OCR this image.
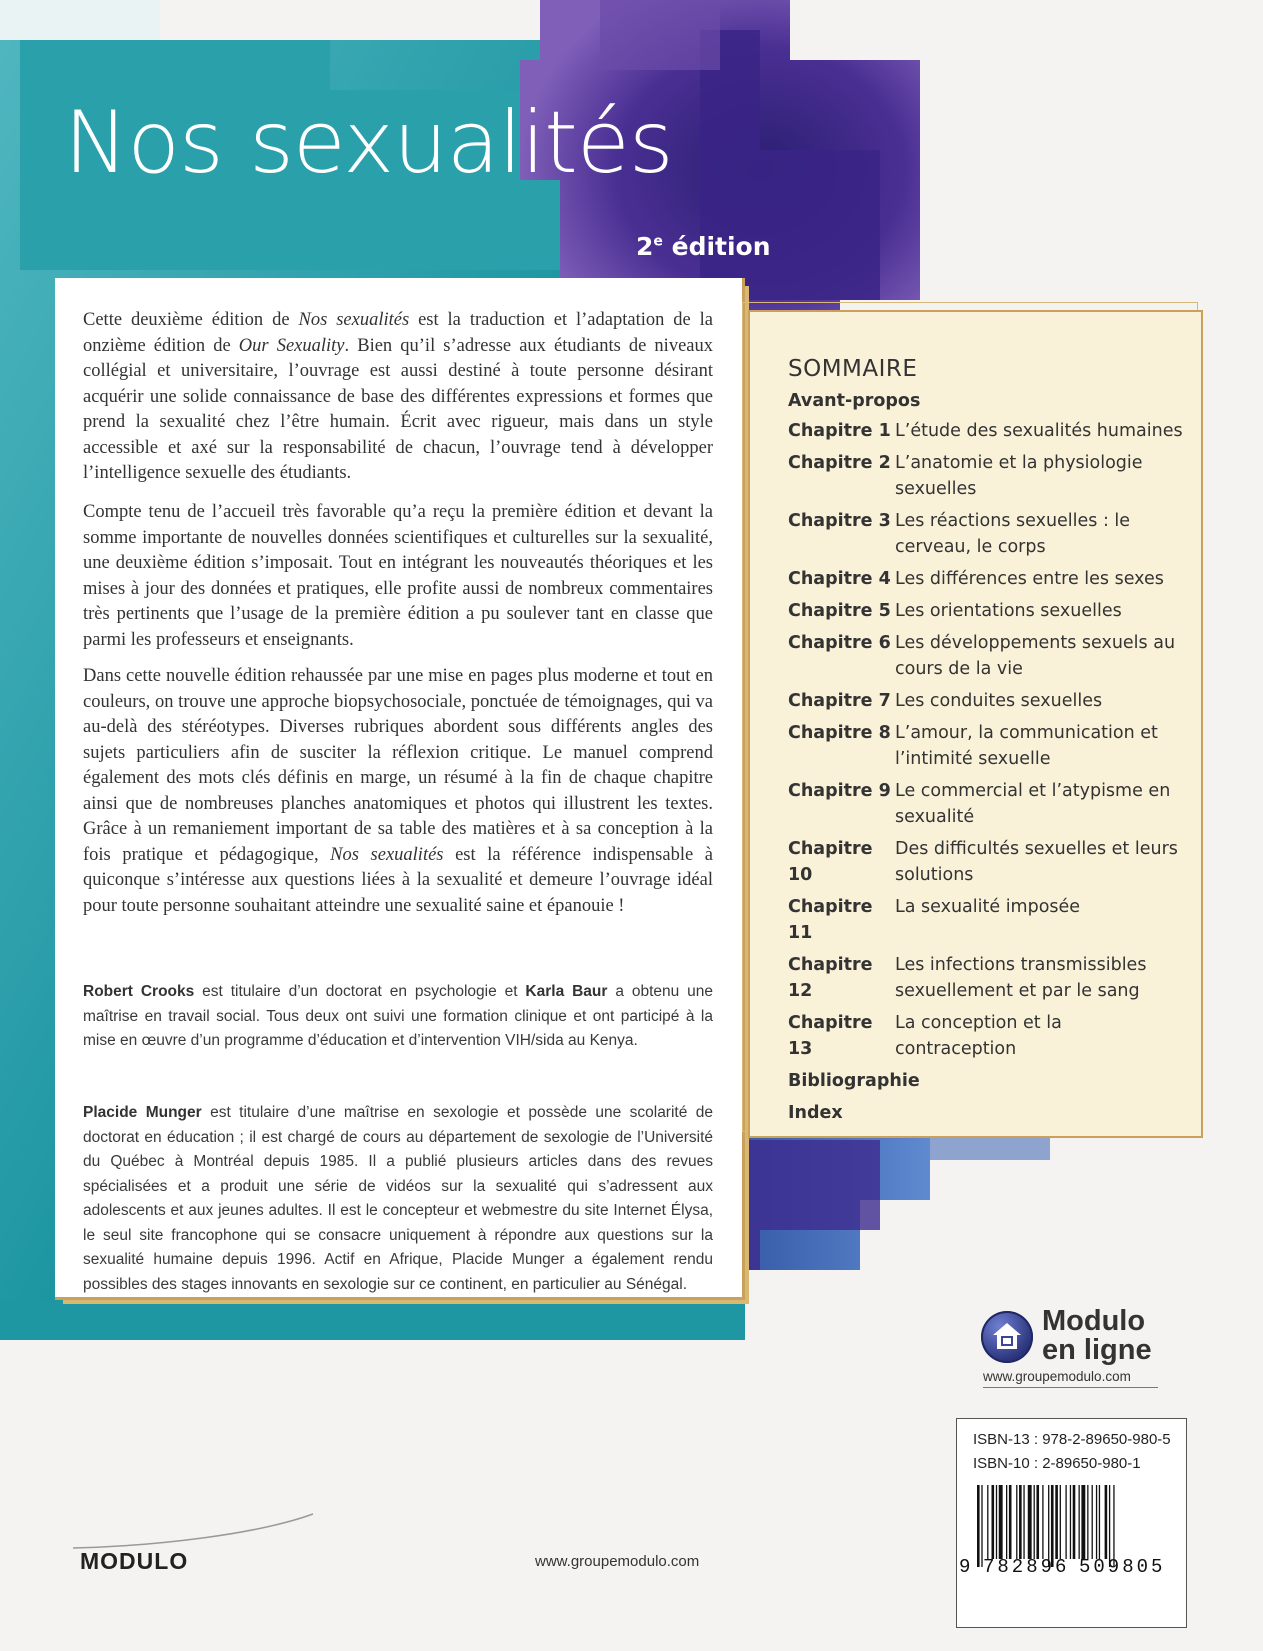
Nos sexualités
2e édition

Cette deuxième édition de Nos sexualités est la traduction et l’adaptation de la onzième édition de Our Sexuality. Bien qu’il s’adresse aux étudiants de niveaux collégial et universitaire, l’ouvrage est aussi destiné à toute personne désirant acquérir une solide connaissance de base des différentes expressions et formes que prend la sexualité chez l’être humain. Écrit avec rigueur, mais dans un style accessible et axé sur la responsabilité de chacun, l’ouvrage tend à développer l’intelligence sexuelle des étudiants.

Compte tenu de l’accueil très favorable qu’a reçu la première édition et devant la somme importante de nouvelles données scientifiques et culturelles sur la sexualité, une deuxième édition s’imposait. Tout en intégrant les nouveautés théoriques et les mises à jour des données et pratiques, elle profite aussi de nombreux commentaires très pertinents que l’usage de la première édition a pu soulever tant en classe que parmi les professeurs et enseignants.

Dans cette nouvelle édition rehaussée par une mise en pages plus moderne et tout en couleurs, on trouve une approche biopsychosociale, ponctuée de témoignages, qui va au-delà des stéréotypes. Diverses rubriques abordent sous différents angles des sujets particuliers afin de susciter la réflexion critique. Le manuel comprend également des mots clés définis en marge, un résumé à la fin de chaque chapitre ainsi que de nombreuses planches anatomiques et photos qui illustrent les textes. Grâce à un remaniement important de sa table des matières et à sa conception à la fois pratique et pédagogique, Nos sexualités est la référence indispensable à quiconque s’intéresse aux questions liées à la sexualité et demeure l’ouvrage idéal pour toute personne souhaitant atteindre une sexualité saine et épanouie !

Robert Crooks est titulaire d’un doctorat en psychologie et Karla Baur a obtenu une maîtrise en travail social. Tous deux ont suivi une formation clinique et ont participé à la mise en œuvre d’un programme d’éducation et d’intervention VIH/sida au Kenya.

Placide Munger est titulaire d’une maîtrise en sexologie et possède une scolarité de doctorat en éducation ; il est chargé de cours au département de sexologie de l’Université du Québec à Montréal depuis 1985. Il a publié plusieurs articles dans des revues spécialisées et a produit une série de vidéos sur la sexualité qui s’adressent aux adolescents et aux jeunes adultes. Il est le concepteur et webmestre du site Internet Élysa, le seul site francophone qui se consacre uniquement à répondre aux questions sur la sexualité humaine depuis 1996. Actif en Afrique, Placide Munger a également rendu possibles des stages innovants en sexologie sur ce continent, en particulier au Sénégal.

SOMMAIRE
Avant-propos
Chapitre 1 L’étude des sexualités humaines
Chapitre 2 L’anatomie et la physiologie sexuelles
Chapitre 3 Les réactions sexuelles : le cerveau, le corps
Chapitre 4 Les différences entre les sexes
Chapitre 5 Les orientations sexuelles
Chapitre 6 Les développements sexuels au cours de la vie
Chapitre 7 Les conduites sexuelles
Chapitre 8 L’amour, la communication et l’intimité sexuelle
Chapitre 9 Le commercial et l’atypisme en sexualité
Chapitre 10
Des difficultés sexuelles et leurs solutions
Chapitre 11
La sexualité imposée
Chapitre 12
Les infections transmissibles sexuellement et par le sang
Chapitre 13
La conception et la contraception
Bibliographie
Index
Modulo
en ligne
www.groupemodulo.com
ISBN-13 : 978-2-89650-980-5
ISBN-10 : 2-89650-980-1
9 782896 509805
MODULO	www.groupemodulo.com
